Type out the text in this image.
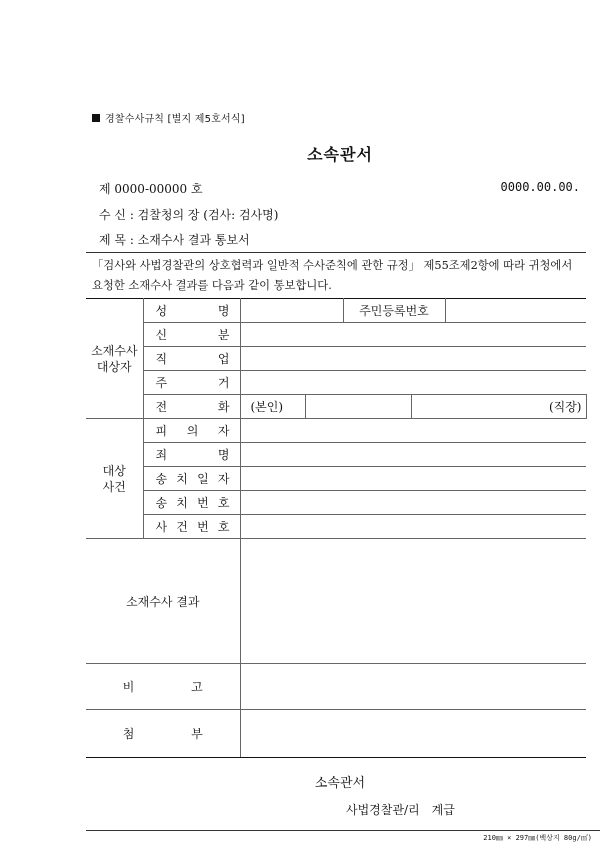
경찰수사규칙 [별지 제5호서식]
소속관서
제 0000-00000 호	0000.00.00.
수 신 : 검찰청의 장 (검사: 검사명)
제 목 : 소재수사 결과 통보서
「검사와 사법경찰관의 상호협력과 일반적 수사준칙에 관한 규정」 제55조제2항에 따라 귀청에서 요청한 소재수사 결과를 다음과 같이 통보합니다.
소재수사 대상자	성 명			주민등록번호			
	신 분						
	직 업						
	주 거						
	전 화	(본인)			(직장)		

대상 사건	피 의 자						
	죄 명						
	송 치 일 자						
	송 치 번 호						
	사 건 번 호						
소재수사 결과							

비 고							

첨 부							

소속관서
사법경찰관/리 계급
210㎜ × 297㎜(백상지 80g/㎡)
